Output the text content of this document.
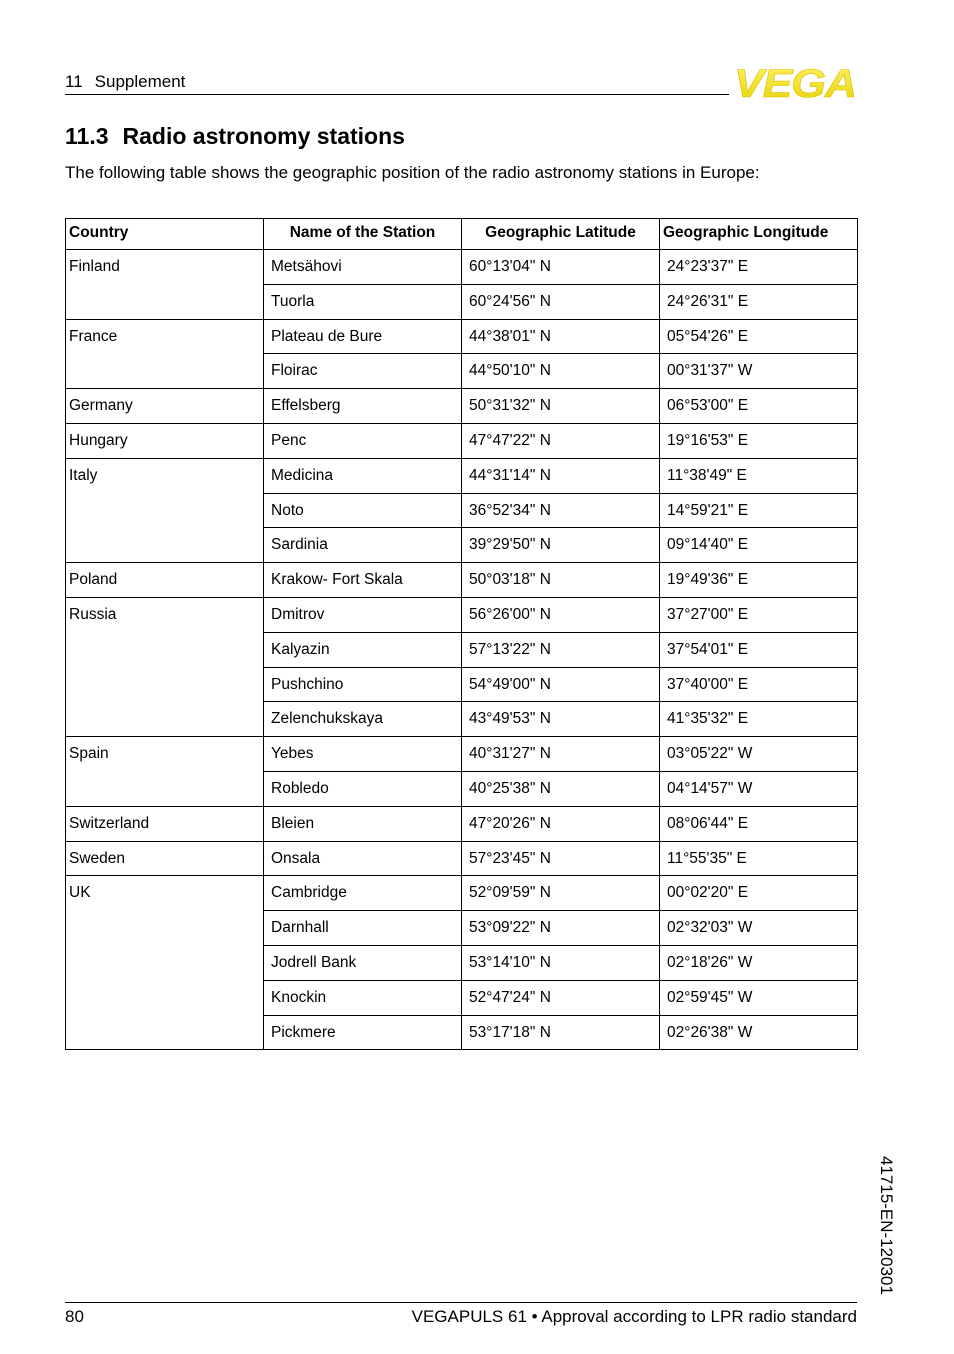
11 Supplement	VEGA
11.3 Radio astronomy stations
The following table shows the geographic position of the radio astronomy stations in Europe:
Country	Name of the Station	Geographic Latitude	Geographic Longitude
Finland	Metsähovi	60°13'04" N	24°23'37" E
	Tuorla	60°24'56" N	24°26'31" E
France	Plateau de Bure	44°38'01" N	05°54'26" E
	Floirac	44°50'10" N	00°31'37" W
Germany	Effelsberg	50°31'32" N	06°53'00" E
Hungary	Penc	47°47'22" N	19°16'53" E
Italy	Medicina	44°31'14" N	11°38'49" E
	Noto	36°52'34" N	14°59'21" E
	Sardinia	39°29'50" N	09°14'40" E
Poland	Krakow- Fort Skala	50°03'18" N	19°49'36" E
Russia	Dmitrov	56°26'00" N	37°27'00" E
	Kalyazin	57°13'22" N	37°54'01" E
	Pushchino	54°49'00" N	37°40'00" E
	Zelenchukskaya	43°49'53" N	41°35'32" E
Spain	Yebes	40°31'27" N	03°05'22" W
	Robledo	40°25'38" N	04°14'57" W
Switzerland	Bleien	47°20'26" N	08°06'44" E
Sweden	Onsala	57°23'45" N	11°55'35" E
UK	Cambridge	52°09'59" N	00°02'20" E
	Darnhall	53°09'22" N	02°32'03" W
	Jodrell Bank	53°14'10" N	02°18'26" W
	Knockin	52°47'24" N	02°59'45" W
	Pickmere	53°17'18" N	02°26'38" W
41715-EN-120301
80	VEGAPULS 61 • Approval according to LPR radio standard
